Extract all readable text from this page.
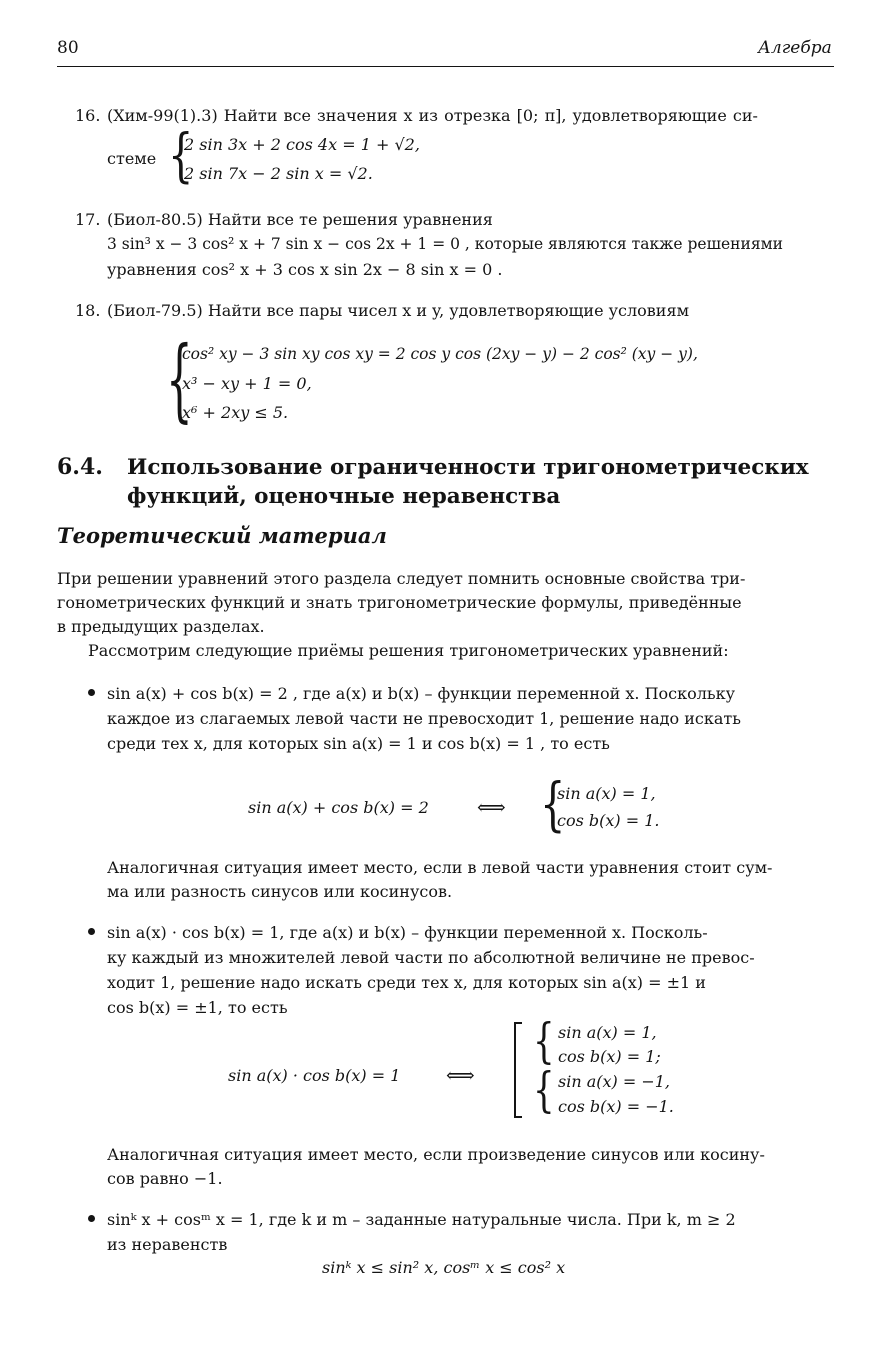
80	Алгебра
16. (Хим-99(1).3) Найти все значения x из отрезка [0; π], удовлетворяющие си-
стеме {
2 sin 3x + 2 cos 4x = 1 + √2,
2 sin 7x − 2 sin x = √2.
17. (Биол-80.5) Найти все те решения уравнения
3 sin³ x − 3 cos² x + 7 sin x − cos 2x + 1 = 0 , которые являются также решениями
уравнения cos² x + 3 cos x sin 2x − 8 sin x = 0 .
18. (Биол-79.5) Найти все пары чисел x и y, удовлетворяющие условиям
{
cos² xy − 3 sin xy cos xy = 2 cos y cos (2xy − y) − 2 cos² (xy − y),
x³ − xy + 1 = 0,
x⁶ + 2xy ≤ 5.
6.4. Использование ограниченности тригонометрических
функций, оценочные неравенства
Теоретический материал
При решении уравнений этого раздела следует помнить основные свойства три-
гонометрических функций и знать тригонометрические формулы, приведённые
в предыдущих разделах.
Рассмотрим следующие приёмы решения тригонометрических уравнений:
sin a(x) + cos b(x) = 2 , где a(x) и b(x) – функции переменной x. Поскольку
каждое из слагаемых левой части не превосходит 1, решение надо искать
среди тех x, для которых sin a(x) = 1 и cos b(x) = 1 , то есть
sin a(x) + cos b(x) = 2 ⟺ {
sin a(x) = 1,
cos b(x) = 1.
Аналогичная ситуация имеет место, если в левой части уравнения стоит сум-
ма или разность синусов или косинусов.
sin a(x) · cos b(x) = 1, где a(x) и b(x) – функции переменной x. Посколь-
ку каждый из множителей левой части по абсолютной величине не превос-
ходит 1, решение надо искать среди тех x, для которых sin a(x) = ±1 и
cos b(x) = ±1, то есть
sin a(x) · cos b(x) = 1 ⟺
{
{
sin a(x) = 1,
cos b(x) = 1;
sin a(x) = −1,
cos b(x) = −1.
Аналогичная ситуация имеет место, если произведение синусов или косину-
сов равно −1.
sinᵏ x + cosᵐ x = 1, где k и m – заданные натуральные числа. При k, m ≥ 2
из неравенств
sinᵏ x ≤ sin² x, cosᵐ x ≤ cos² x
